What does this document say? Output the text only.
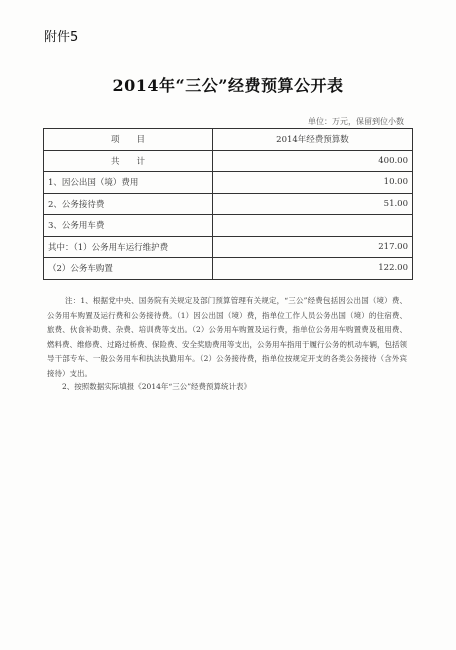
附件5
2014年“三公”经费预算公开表
单位：万元，保留到位小数
项　　目	2014年经费预算数
共　　计	400.00
1、因公出国（境）费用	10.00
2、公务接待费	51.00
3、公务用车费	
其中：（1）公务用车运行维护费	217.00
（2）公务车购置	122.00
注：1、根据党中央、国务院有关规定及部门预算管理有关规定，“三公”经费包括因公出国（境）费、公务用车购置及运行费和公务接待费。（1）因公出国（境）费，指单位工作人员公务出国（境）的住宿费、旅费、伙食补助费、杂费、培训费等支出。（2）公务用车购置及运行费，指单位公务用车购置费及租用费、燃料费、维修费、过路过桥费、保险费、安全奖励费用等支出，公务用车指用于履行公务的机动车辆，包括领导干部专车、一般公务用车和执法执勤用车。（2）公务接待费，指单位按规定开支的各类公务接待（含外宾接待）支出。
2、按照数据实际填报《2014年“三公”经费预算统计表》
